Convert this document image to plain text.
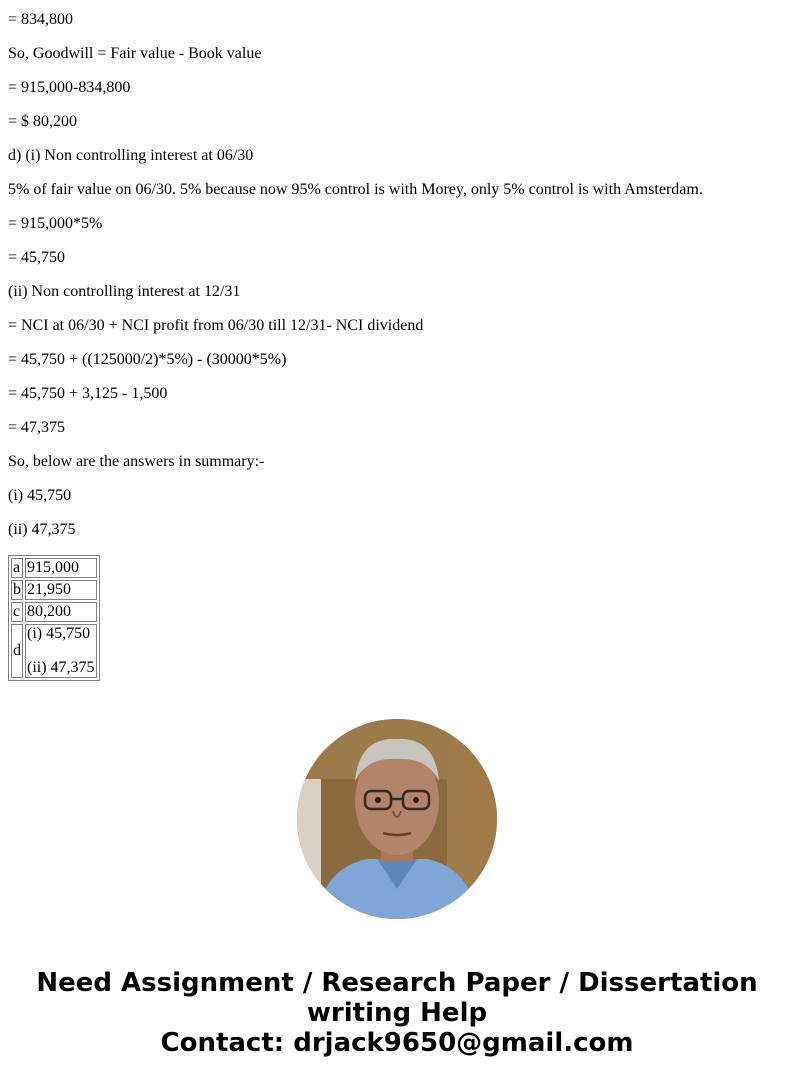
= 834,800

So, Goodwill = Fair value - Book value

= 915,000-834,800

= $ 80,200

d) (i) Non controlling interest at 06/30

5% of fair value on 06/30. 5% because now 95% control is with Morey, only 5% control is with Amsterdam.

= 915,000*5%

= 45,750

(ii) Non controlling interest at 12/31

= NCI at 06/30 + NCI profit from 06/30 till 12/31- NCI dividend

= 45,750 + ((125000/2)*5%) - (30000*5%)

= 45,750 + 3,125 - 1,500

= 47,375

So, below are the answers in summary:-

(i) 45,750

(ii) 47,375

a	915,000
b	21,950
c	80,200
d	(i) 45,750

(ii) 47,375

Need Assignment / Research Paper / Dissertation
writing Help
Contact: drjack9650@gmail.com
